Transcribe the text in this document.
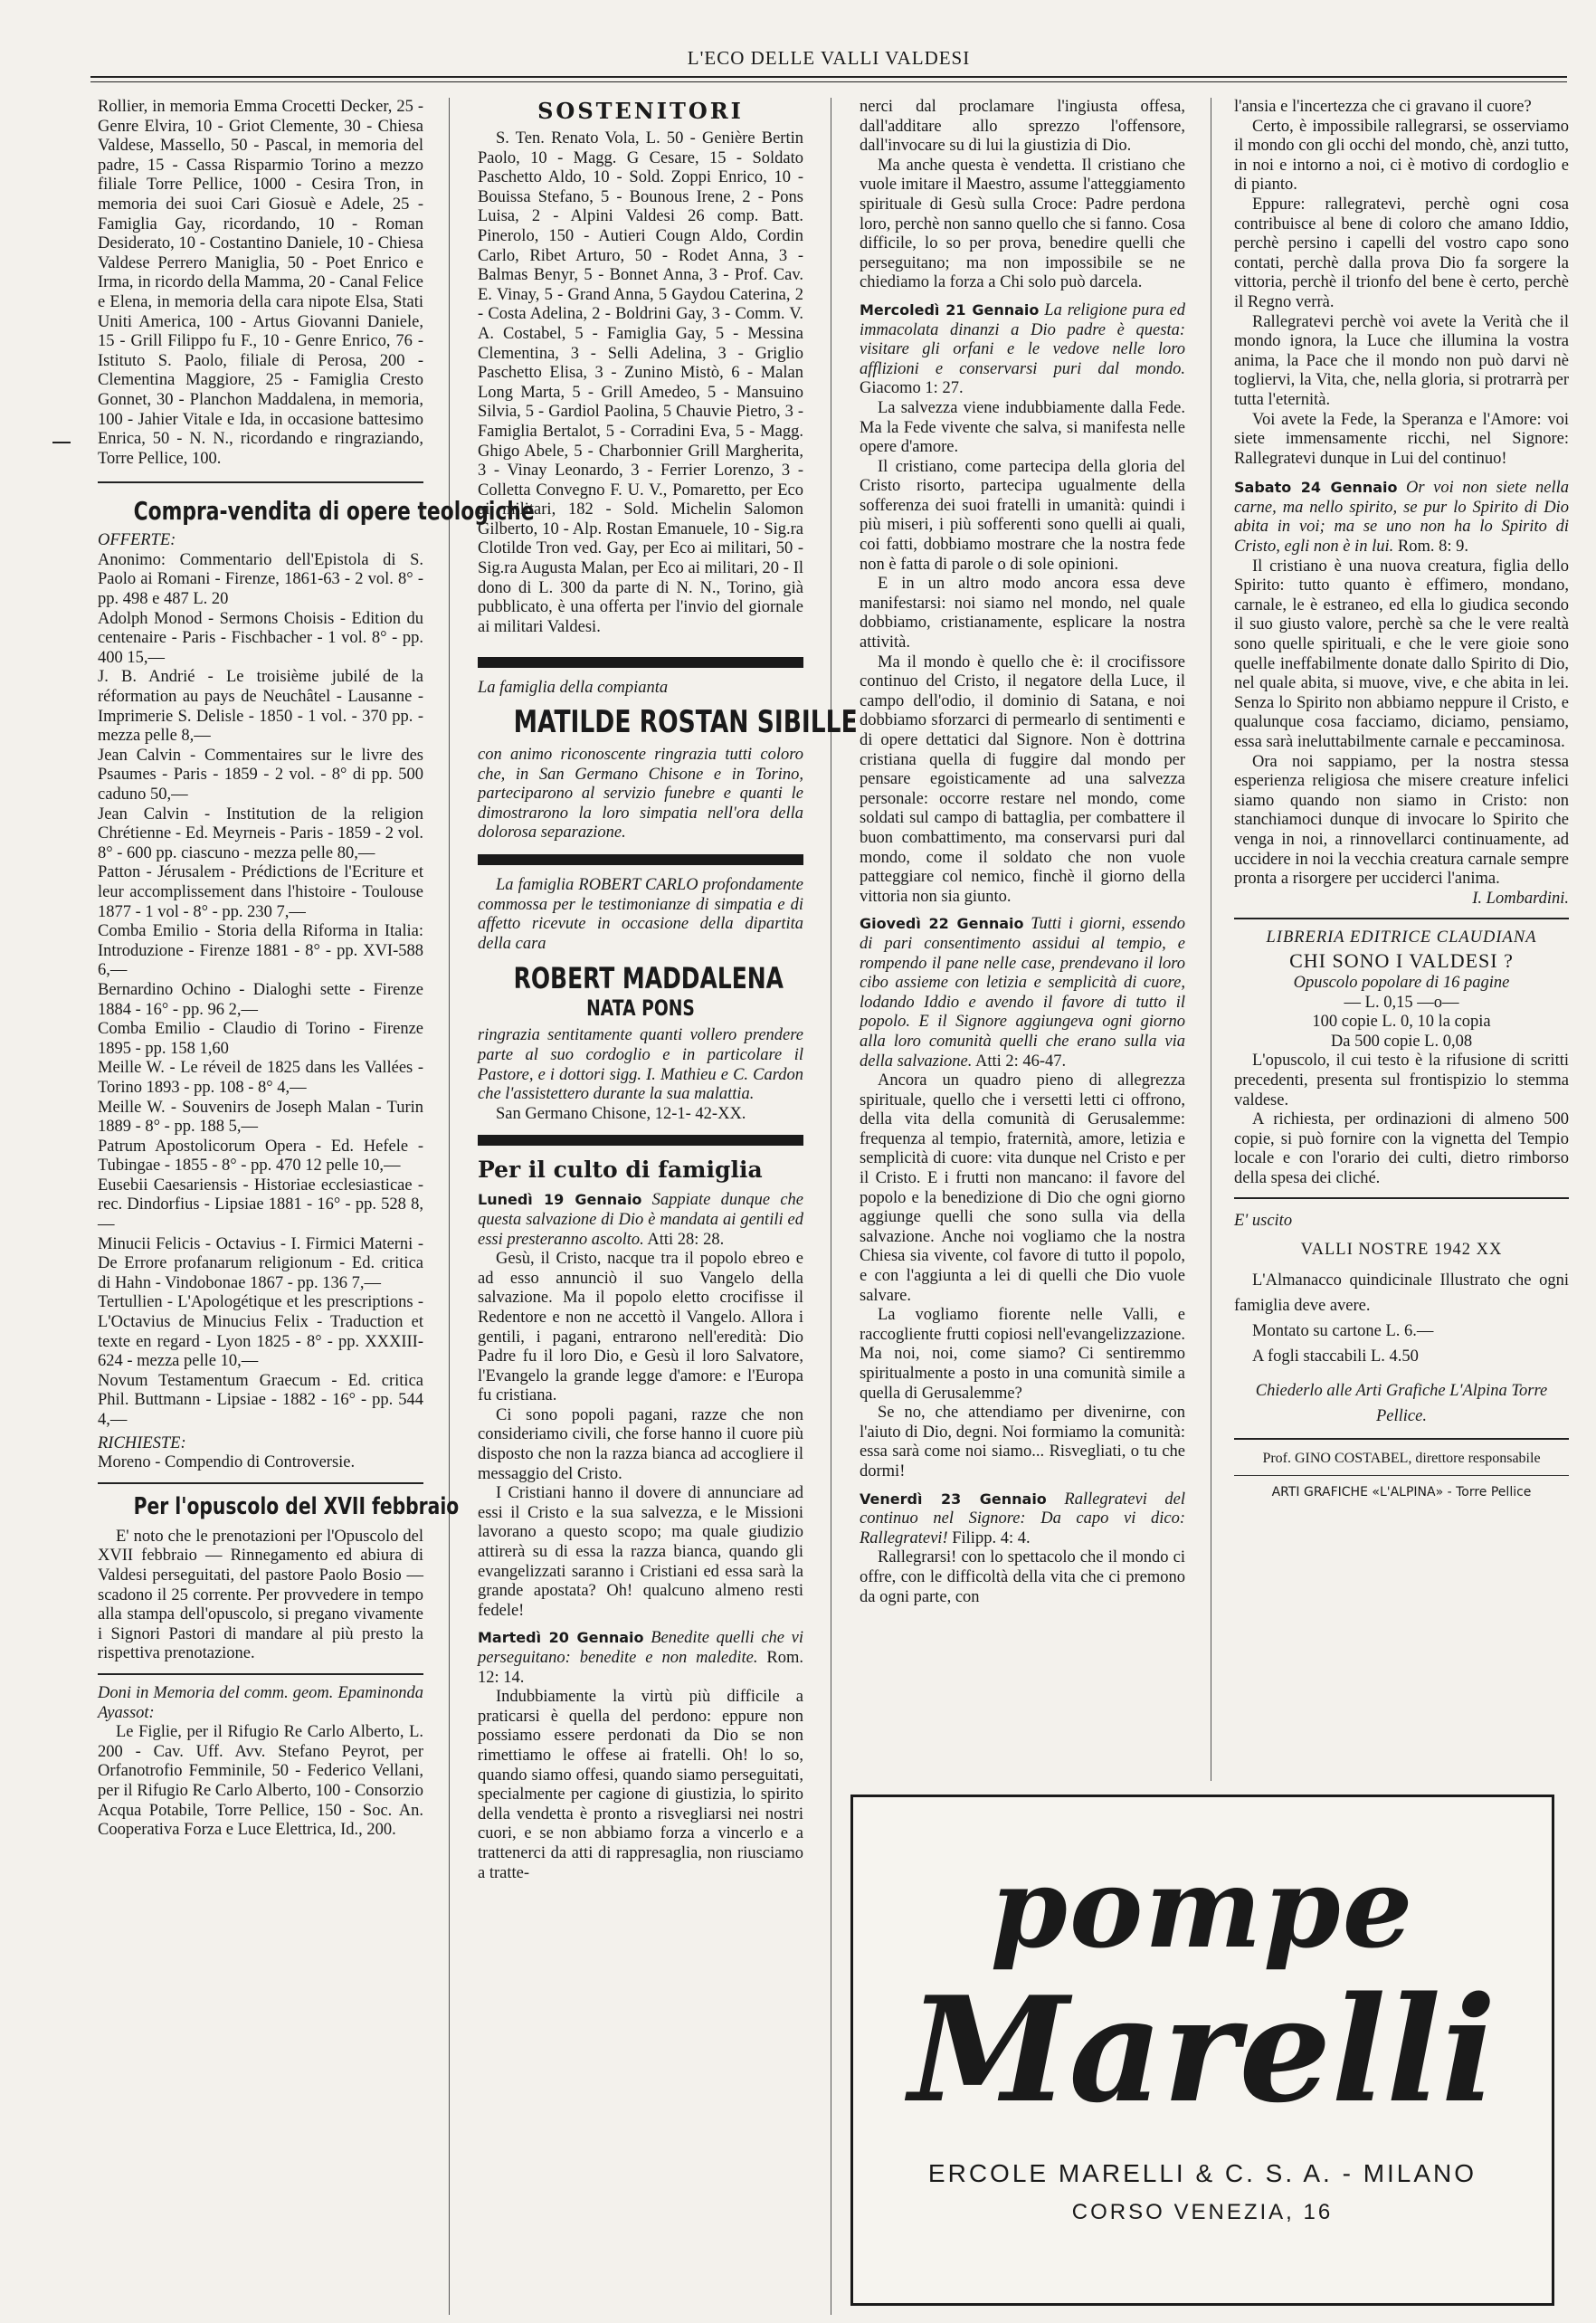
L'ECO DELLE VALLI VALDESI

Rollier, in memoria Emma Crocetti Decker, 25 - Genre Elvira, 10 - Griot Clemente, 30 - Chiesa Valdese, Massello, 50 - Pascal, in memoria del padre, 15 - Cassa Risparmio Torino a mezzo filiale Torre Pellice, 1000 - Cesira Tron, in memoria dei suoi Cari Giosuè e Adele, 25 - Famiglia Gay, ricordando, 10 - Roman Desiderato, 10 - Costantino Daniele, 10 - Chiesa Valdese Perrero Maniglia, 50 - Poet Enrico e Irma, in ricordo della Mamma, 20 - Canal Felice e Elena, in memoria della cara nipote Elsa, Stati Uniti America, 100 - Artus Giovanni Daniele, 15 - Grill Filippo fu F., 10 - Genre Enrico, 76 - Istituto S. Paolo, filiale di Perosa, 200 - Clementina Maggiore, 25 - Famiglia Cresto Gonnet, 30 - Planchon Maddalena, in memoria, 100 - Jahier Vitale e Ida, in occasione battesimo Enrica, 50 - N. N., ricordando e ringraziando, Torre Pellice, 100.

Compra-vendita di opere teologiche

OFFERTE:

Anonimo: Commentario dell'Epistola di S. Paolo ai Romani - Firenze, 1861-63 - 2 vol. 8° - pp. 498 e 487 L. 20

Adolph Monod - Sermons Choisis - Edition du centenaire - Paris - Fischbacher - 1 vol. 8° - pp. 400 15,—

J. B. Andrié - Le troisième jubilé de la réformation au pays de Neuchâtel - Lausanne - Imprimerie S. Delisle - 1850 - 1 vol. - 370 pp. - mezza pelle 8,—

Jean Calvin - Commentaires sur le livre des Psaumes - Paris - 1859 - 2 vol. - 8° di pp. 500 caduno 50,—

Jean Calvin - Institution de la religion Chrétienne - Ed. Meyrneis - Paris - 1859 - 2 vol. 8° - 600 pp. ciascuno - mezza pelle 80,—

Patton - Jérusalem - Prédictions de l'Ecriture et leur accomplissement dans l'histoire - Toulouse 1877 - 1 vol - 8° - pp. 230 7,—

Comba Emilio - Storia della Riforma in Italia: Introduzione - Firenze 1881 - 8° - pp. XVI-588 6,—

Bernardino Ochino - Dialoghi sette - Firenze 1884 - 16° - pp. 96 2,—

Comba Emilio - Claudio di Torino - Firenze 1895 - pp. 158 1,60

Meille W. - Le réveil de 1825 dans les Vallées - Torino 1893 - pp. 108 - 8° 4,—

Meille W. - Souvenirs de Joseph Malan - Turin 1889 - 8° - pp. 188 5,—

Patrum Apostolicorum Opera - Ed. Hefele - Tubingae - 1855 - 8° - pp. 470 12 pelle 10,—

Eusebii Caesariensis - Historiae ecclesiasticae - rec. Dindorfius - Lipsiae 1881 - 16° - pp. 528 8,—

Minucii Felicis - Octavius - I. Firmici Materni - De Errore profanarum religionum - Ed. critica di Hahn - Vindobonae 1867 - pp. 136 7,—

Tertullien - L'Apologétique et les prescriptions - L'Octavius de Minucius Felix - Traduction et texte en regard - Lyon 1825 - 8° - pp. XXXIII-624 - mezza pelle 10,—

Novum Testamentum Graecum - Ed. critica Phil. Buttmann - Lipsiae - 1882 - 16° - pp. 544 4,—

RICHIESTE:

Moreno - Compendio di Controversie.

Per l'opuscolo del XVII febbraio

E' noto che le prenotazioni per l'Opuscolo del XVII febbraio — Rinnegamento ed abiura di Valdesi perseguitati, del pastore Paolo Bosio — scadono il 25 corrente. Per provvedere in tempo alla stampa dell'opuscolo, si pregano vivamente i Signori Pastori di mandare al più presto la rispettiva prenotazione.

Doni in Memoria del comm. geom. Epaminonda Ayassot:

Le Figlie, per il Rifugio Re Carlo Alberto, L. 200 - Cav. Uff. Avv. Stefano Peyrot, per Orfanotrofio Femminile, 50 - Federico Vellani, per il Rifugio Re Carlo Alberto, 100 - Consorzio Acqua Potabile, Torre Pellice, 150 - Soc. An. Cooperativa Forza e Luce Elettrica, Id., 200.

SOSTENITORI

S. Ten. Renato Vola, L. 50 - Genière Bertin Paolo, 10 - Magg. G Cesare, 15 - Soldato Paschetto Aldo, 10 - Sold. Zoppi Enrico, 10 - Bouissa Stefano, 5 - Bounous Irene, 2 - Pons Luisa, 2 - Alpini Valdesi 26 comp. Batt. Pinerolo, 150 - Autieri Cougn Aldo, Cordin Carlo, Ribet Arturo, 50 - Rodet Anna, 3 - Balmas Benyr, 5 - Bonnet Anna, 3 - Prof. Cav. E. Vinay, 5 - Grand Anna, 5 Gaydou Caterina, 2 - Costa Adelina, 2 - Boldrini Gay, 3 - Comm. V. A. Costabel, 5 - Famiglia Gay, 5 - Messina Clementina, 3 - Selli Adelina, 3 - Griglio Paschetto Elisa, 3 - Zunino Mistò, 6 - Malan Long Marta, 5 - Grill Amedeo, 5 - Mansuino Silvia, 5 - Gardiol Paolina, 5 Chauvie Pietro, 3 - Famiglia Bertalot, 5 - Corradini Eva, 5 - Magg. Ghigo Abele, 5 - Charbonnier Grill Margherita, 3 - Vinay Leonardo, 3 - Ferrier Lorenzo, 3 - Colletta Convegno F. U. V., Pomaretto, per Eco ai militari, 182 - Sold. Michelin Salomon Gilberto, 10 - Alp. Rostan Emanuele, 10 - Sig.ra Clotilde Tron ved. Gay, per Eco ai militari, 50 - Sig.ra Augusta Malan, per Eco ai militari, 20 - Il dono di L. 300 da parte di N. N., Torino, già pubblicato, è una offerta per l'invio del giornale ai militari Valdesi.

La famiglia della compianta

MATILDE ROSTAN SIBILLE

con animo riconoscente ringrazia tutti coloro che, in San Germano Chisone e in Torino, parteciparono al servizio funebre e quanti le dimostrarono la loro simpatia nell'ora della dolorosa separazione.

La famiglia ROBERT CARLO profondamente commossa per le testimonianze di simpatia e di affetto ricevute in occasione della dipartita della cara

ROBERT MADDALENA
NATA PONS

ringrazia sentitamente quanti vollero prendere parte al suo cordoglio e in particolare il Pastore, e i dottori sigg. I. Mathieu e C. Cardon che l'assistettero durante la sua malattia.

San Germano Chisone, 12-1- 42-XX.

Per il culto di famiglia

Lunedì 19 Gennaio Sappiate dunque che questa salvazione di Dio è mandata ai gentili ed essi presteranno ascolto. Atti 28: 28.

Gesù, il Cristo, nacque tra il popolo ebreo e ad esso annunciò il suo Vangelo della salvazione. Ma il popolo eletto crocifisse il Redentore e non ne accettò il Vangelo. Allora i gentili, i pagani, entrarono nell'eredità: Dio Padre fu il loro Dio, e Gesù il loro Salvatore, l'Evangelo la grande legge d'amore: e l'Europa fu cristiana.

Ci sono popoli pagani, razze che non consideriamo civili, che forse hanno il cuore più disposto che non la razza bianca ad accogliere il messaggio del Cristo.

I Cristiani hanno il dovere di annunciare ad essi il Cristo e la sua salvezza, e le Missioni lavorano a questo scopo; ma quale giudizio attirerà su di essa la razza bianca, quando gli evangelizzati saranno i Cristiani ed essa sarà la grande apostata? Oh! qualcuno almeno resti fedele!

Martedì 20 Gennaio Benedite quelli che vi perseguitano: benedite e non maledite. Rom. 12: 14.

Indubbiamente la virtù più difficile a praticarsi è quella del perdono: eppure non possiamo essere perdonati da Dio se non rimettiamo le offese ai fratelli. Oh! lo so, quando siamo offesi, quando siamo perseguitati, specialmente per cagione di giustizia, lo spirito della vendetta è pronto a risvegliarsi nei nostri cuori, e se non abbiamo forza a vincerlo e a trattenerci da atti di rappresaglia, non riusciamo a tratte-

nerci dal proclamare l'ingiusta offesa, dall'additare allo sprezzo l'offensore, dall'invocare su di lui la giustizia di Dio.

Ma anche questa è vendetta. Il cristiano che vuole imitare il Maestro, assume l'atteggiamento spirituale di Gesù sulla Croce: Padre perdona loro, perchè non sanno quello che si fanno. Cosa difficile, lo so per prova, benedire quelli che perseguitano; ma non impossibile se ne chiediamo la forza a Chi solo può darcela.

Mercoledì 21 Gennaio La religione pura ed immacolata dinanzi a Dio padre è questa: visitare gli orfani e le vedove nelle loro afflizioni e conservarsi puri dal mondo. Giacomo 1: 27.

La salvezza viene indubbiamente dalla Fede. Ma la Fede vivente che salva, si manifesta nelle opere d'amore.

Il cristiano, come partecipa della gloria del Cristo risorto, partecipa ugualmente della sofferenza dei suoi fratelli in umanità: quindi i più miseri, i più sofferenti sono quelli ai quali, coi fatti, dobbiamo mostrare che la nostra fede non è fatta di parole o di sole opinioni.

E in un altro modo ancora essa deve manifestarsi: noi siamo nel mondo, nel quale dobbiamo, cristianamente, esplicare la nostra attività.

Ma il mondo è quello che è: il crocifissore continuo del Cristo, il negatore della Luce, il campo dell'odio, il dominio di Satana, e noi dobbiamo sforzarci di permearlo di sentimenti e di opere dettatici dal Signore. Non è dottrina cristiana quella di fuggire dal mondo per pensare egoisticamente ad una salvezza personale: occorre restare nel mondo, come soldati sul campo di battaglia, per combattere il buon combattimento, ma conservarsi puri dal mondo, come il soldato che non vuole patteggiare col nemico, finchè il giorno della vittoria non sia giunto.

Giovedì 22 Gennaio Tutti i giorni, essendo di pari consentimento assidui al tempio, e rompendo il pane nelle case, prendevano il loro cibo assieme con letizia e semplicità di cuore, lodando Iddio e avendo il favore di tutto il popolo. E il Signore aggiungeva ogni giorno alla loro comunità quelli che erano sulla via della salvazione. Atti 2: 46-47.

Ancora un quadro pieno di allegrezza spirituale, quello che i versetti letti ci offrono, della vita della comunità di Gerusalemme: frequenza al tempio, fraternità, amore, letizia e semplicità di cuore: vita dunque nel Cristo e per il Cristo. E i frutti non mancano: il favore del popolo e la benedizione di Dio che ogni giorno aggiunge quelli che sono sulla via della salvazione. Anche noi vogliamo che la nostra Chiesa sia vivente, col favore di tutto il popolo, e con l'aggiunta a lei di quelli che Dio vuole salvare.

La vogliamo fiorente nelle Valli, e raccogliente frutti copiosi nell'evangelizzazione. Ma noi, noi, come siamo? Ci sentiremmo spiritualmente a posto in una comunità simile a quella di Gerusalemme?

Se no, che attendiamo per divenirne, con l'aiuto di Dio, degni. Noi formiamo la comunità: essa sarà come noi siamo... Risvegliati, o tu che dormi!

Venerdì 23 Gennaio Rallegratevi del continuo nel Signore: Da capo vi dico: Rallegratevi! Filipp. 4: 4.

Rallegrarsi! con lo spettacolo che il mondo ci offre, con le difficoltà della vita che ci premono da ogni parte, con

l'ansia e l'incertezza che ci gravano il cuore?

Certo, è impossibile rallegrarsi, se osserviamo il mondo con gli occhi del mondo, chè, anzi tutto, in noi e intorno a noi, ci è motivo di cordoglio e di pianto.

Eppure: rallegratevi, perchè ogni cosa contribuisce al bene di coloro che amano Iddio, perchè persino i capelli del vostro capo sono contati, perchè dalla prova Dio fa sorgere la vittoria, perchè il trionfo del bene è certo, perchè il Regno verrà.

Rallegratevi perchè voi avete la Verità che il mondo ignora, la Luce che illumina la vostra anima, la Pace che il mondo non può darvi nè togliervi, la Vita, che, nella gloria, si protrarrà per tutta l'eternità.

Voi avete la Fede, la Speranza e l'Amore: voi siete immensamente ricchi, nel Signore: Rallegratevi dunque in Lui del continuo!

Sabato 24 Gennaio Or voi non siete nella carne, ma nello spirito, se pur lo Spirito di Dio abita in voi; ma se uno non ha lo Spirito di Cristo, egli non è in lui. Rom. 8: 9.

Il cristiano è una nuova creatura, figlia dello Spirito: tutto quanto è effimero, mondano, carnale, le è estraneo, ed ella lo giudica secondo il suo giusto valore, perchè sa che le vere realtà sono quelle spirituali, e che le vere gioie sono quelle ineffabilmente donate dallo Spirito di Dio, nel quale abita, si muove, vive, e che abita in lei. Senza lo Spirito non abbiamo neppure il Cristo, e qualunque cosa facciamo, diciamo, pensiamo, essa sarà ineluttabilmente carnale e peccaminosa.

Ora noi sappiamo, per la nostra stessa esperienza religiosa che misere creature infelici siamo quando non siamo in Cristo: non stanchiamoci dunque di invocare lo Spirito che venga in noi, a rinnovellarci continuamente, ad uccidere in noi la vecchia creatura carnale sempre pronta a risorgere per ucciderci l'anima.

I. Lombardini.

LIBRERIA EDITRICE CLAUDIANA

CHI SONO I VALDESI ?

Opuscolo popolare di 16 pagine

— L. 0,15 —o—

100 copie L. 0, 10 la copia

Da 500 copie L. 0,08

L'opuscolo, il cui testo è la rifusione di scritti precedenti, presenta sul frontispizio lo stemma valdese.

A richiesta, per ordinazioni di almeno 500 copie, si può fornire con la vignetta del Tempio locale e con l'orario dei culti, dietro rimborso della spesa dei cliché.

E' uscito

VALLI NOSTRE 1942 XX

L'Almanacco quindicinale Illustrato che ogni famiglia deve avere.

Montato su cartone L. 6.—

A fogli staccabili L. 4.50

Chiederlo alle Arti Grafiche L'Alpina Torre Pellice.

Prof. GINO COSTABEL, direttore responsabile

ARTI GRAFICHE «L'ALPINA» - Torre Pellice

pompe
Marelli
ERCOLE MARELLI & C. S. A. - MILANO
CORSO VENEZIA, 16
